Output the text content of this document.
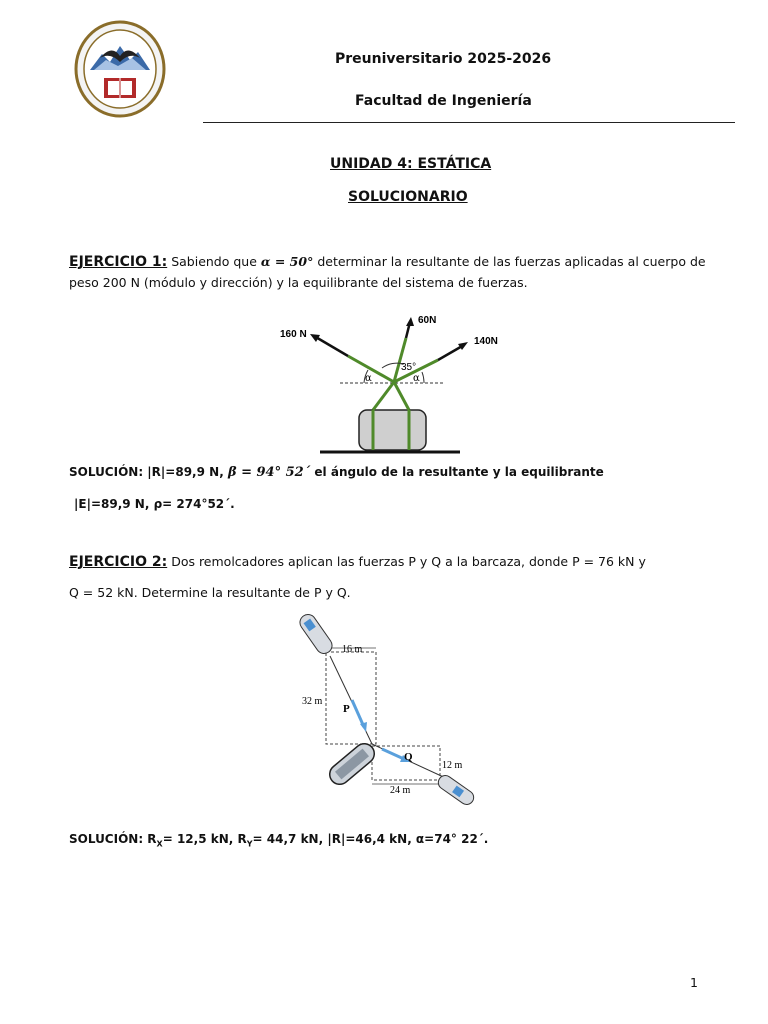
Preuniversitario 2025-2026
Facultad de Ingeniería
UNIDAD 4: ESTÁTICA
SOLUCIONARIO
EJERCICIO 1: Sabiendo que α = 50° determinar la resultante de las fuerzas aplicadas al cuerpo de
peso 200 N (módulo y dirección) y la equilibrante del sistema de fuerzas.
160 N
60N
140N
35°
α	α
SOLUCIÓN: |R|=89,9 N, β = 94° 52´ el ángulo de la resultante y la equilibrante
|E|=89,9 N, ρ= 274°52´.
EJERCICIO 2: Dos remolcadores aplican las fuerzas P y Q a la barcaza, donde P = 76 kN y
Q = 52 kN. Determine la resultante de P y Q.
16 m
32 m
P
Q
12 m
24 m
SOLUCIÓN: $R_X= 12,5$ kN, $R_Y= 44,7$ kN, |R|=46,4 kN, α=74° 22´.
1
